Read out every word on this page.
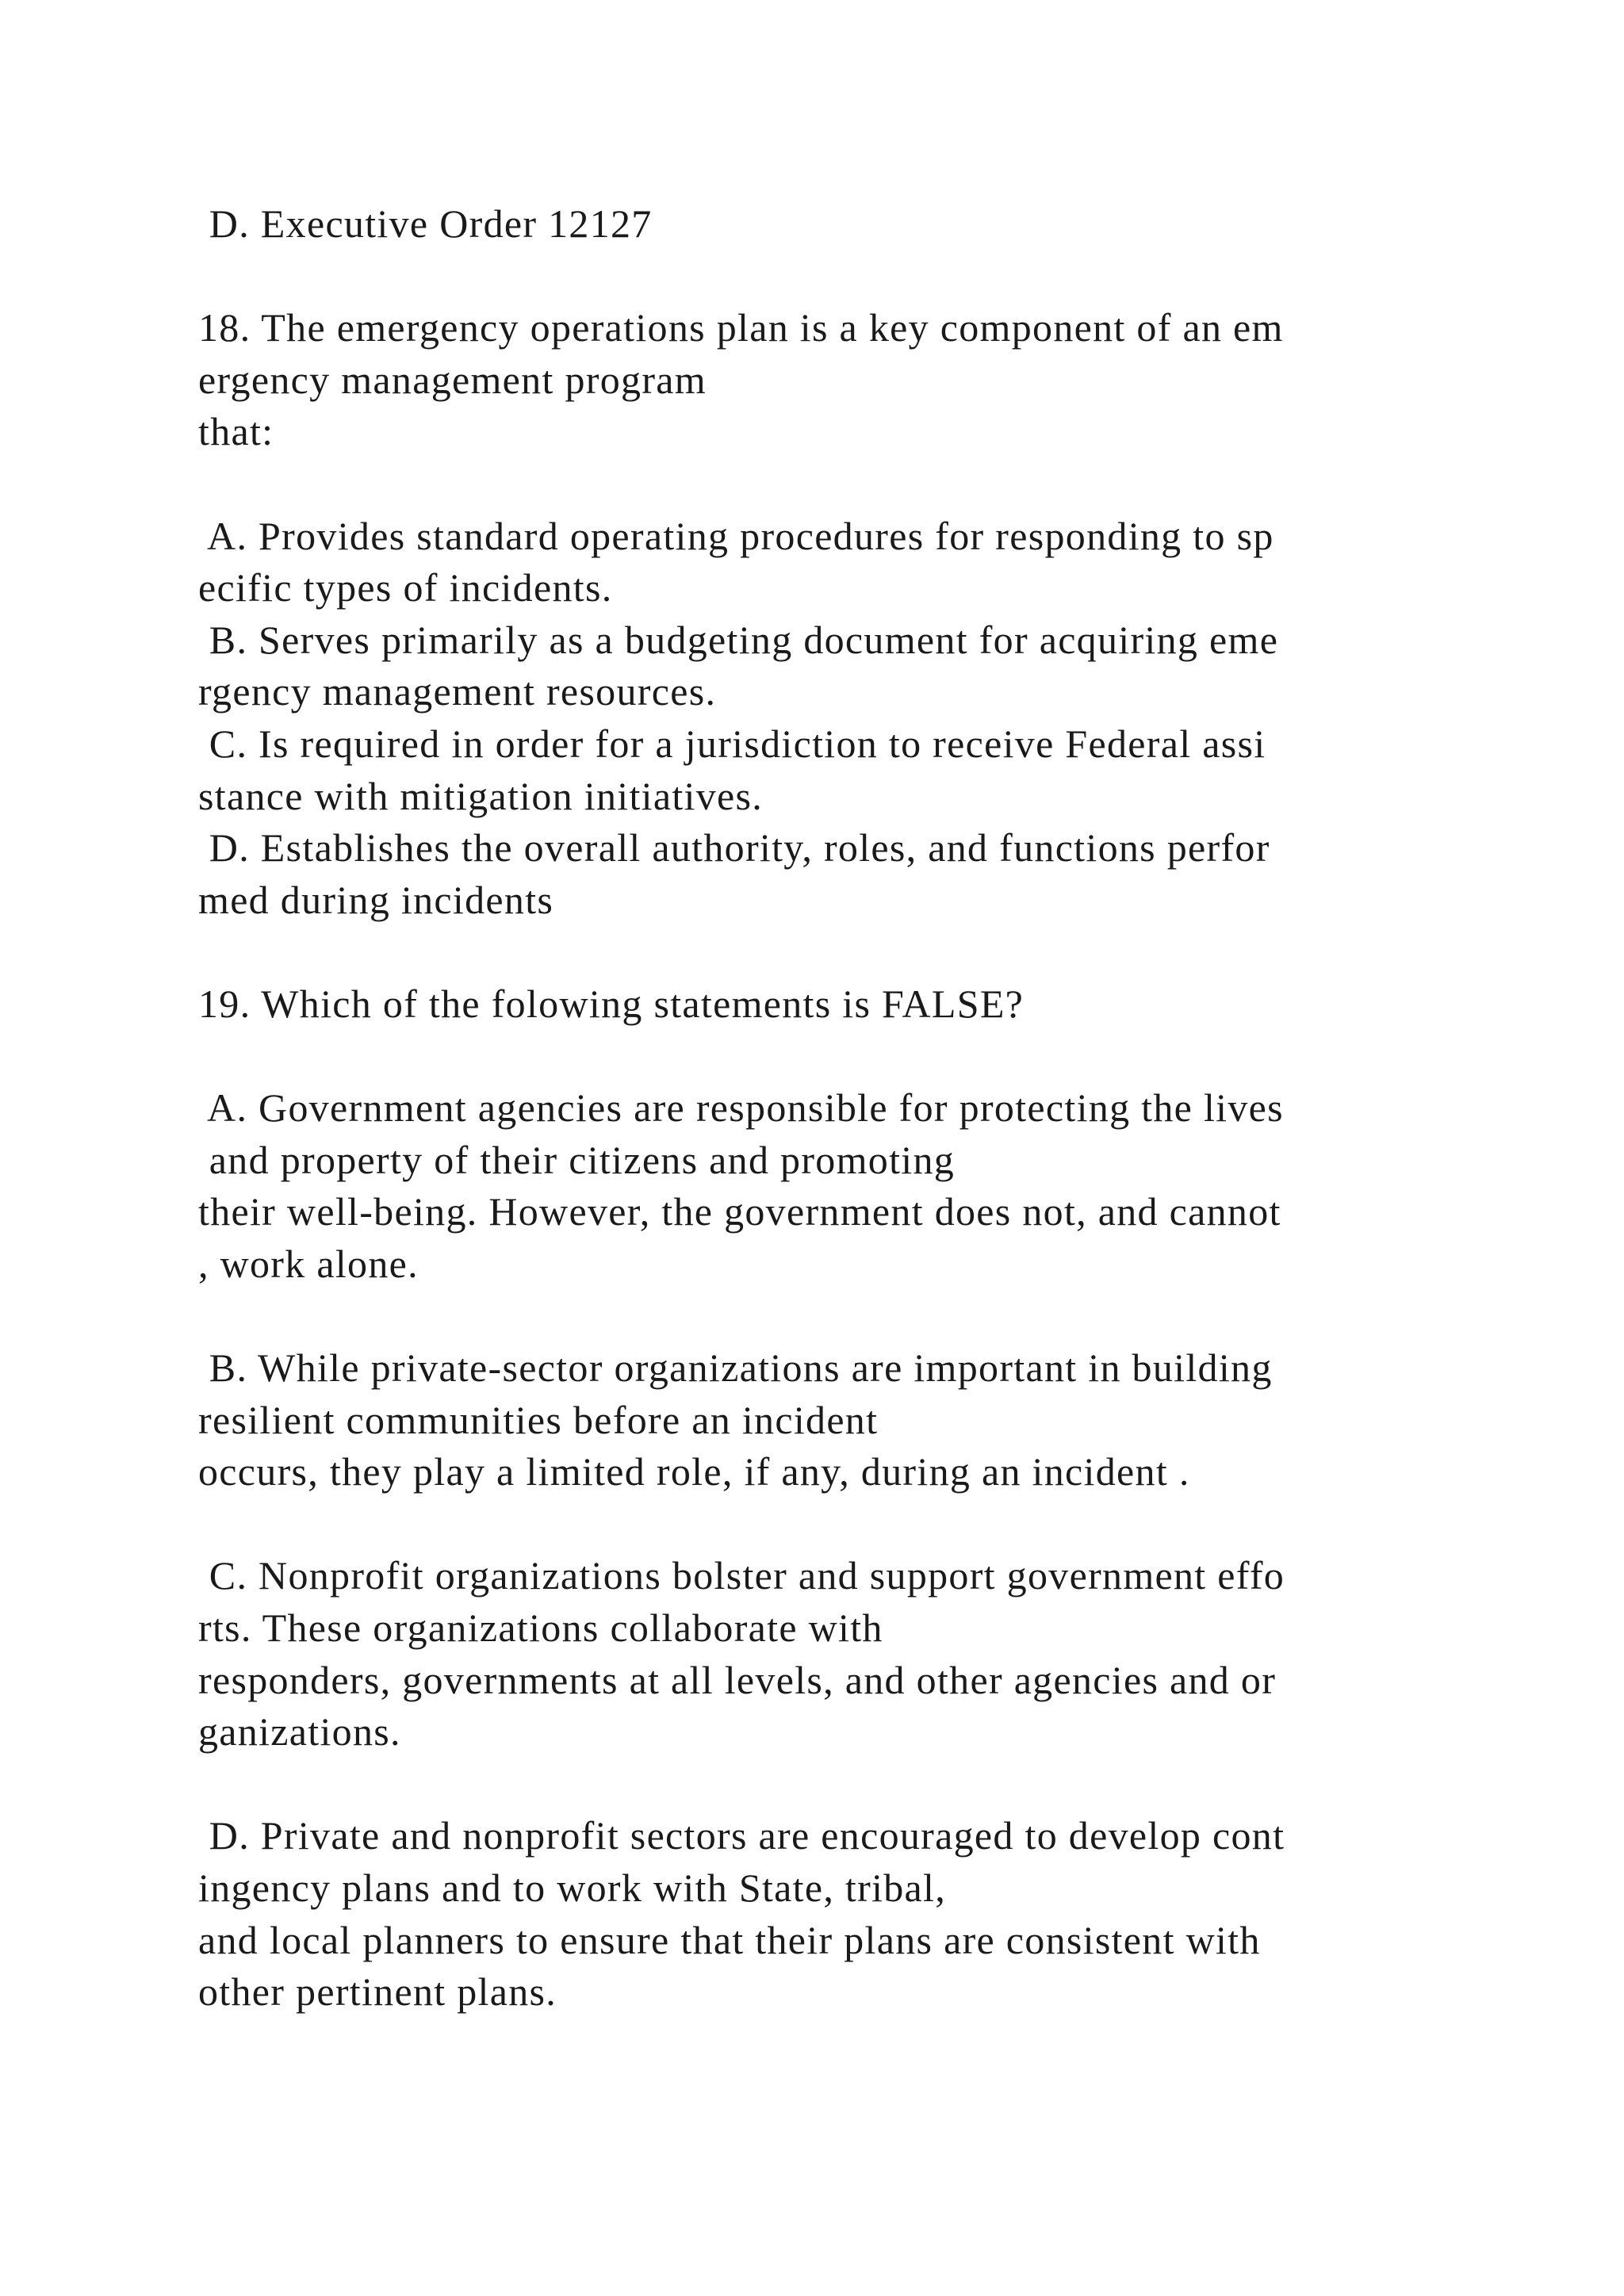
D. Executive Order 12127
18. The emergency operations plan is a key component of an em
ergency management program
that:
A. Provides standard operating procedures for responding to sp
ecific types of incidents.
B. Serves primarily as a budgeting document for acquiring eme
rgency management resources.
C. Is required in order for a jurisdiction to receive Federal assi
stance with mitigation initiatives.
D. Establishes the overall authority, roles, and functions perfor
med during incidents
19. Which of the folowing statements is FALSE?
A. Government agencies are responsible for protecting the lives
and property of their citizens and promoting
their well-being. However, the government does not, and cannot
, work alone.
B. While private-sector organizations are important in building
resilient communities before an incident
occurs, they play a limited role, if any, during an incident .
C. Nonprofit organizations bolster and support government effo
rts. These organizations collaborate with
responders, governments at all levels, and other agencies and or
ganizations.
D. Private and nonprofit sectors are encouraged to develop cont
ingency plans and to work with State, tribal,
and local planners to ensure that their plans are consistent with
other pertinent plans.
